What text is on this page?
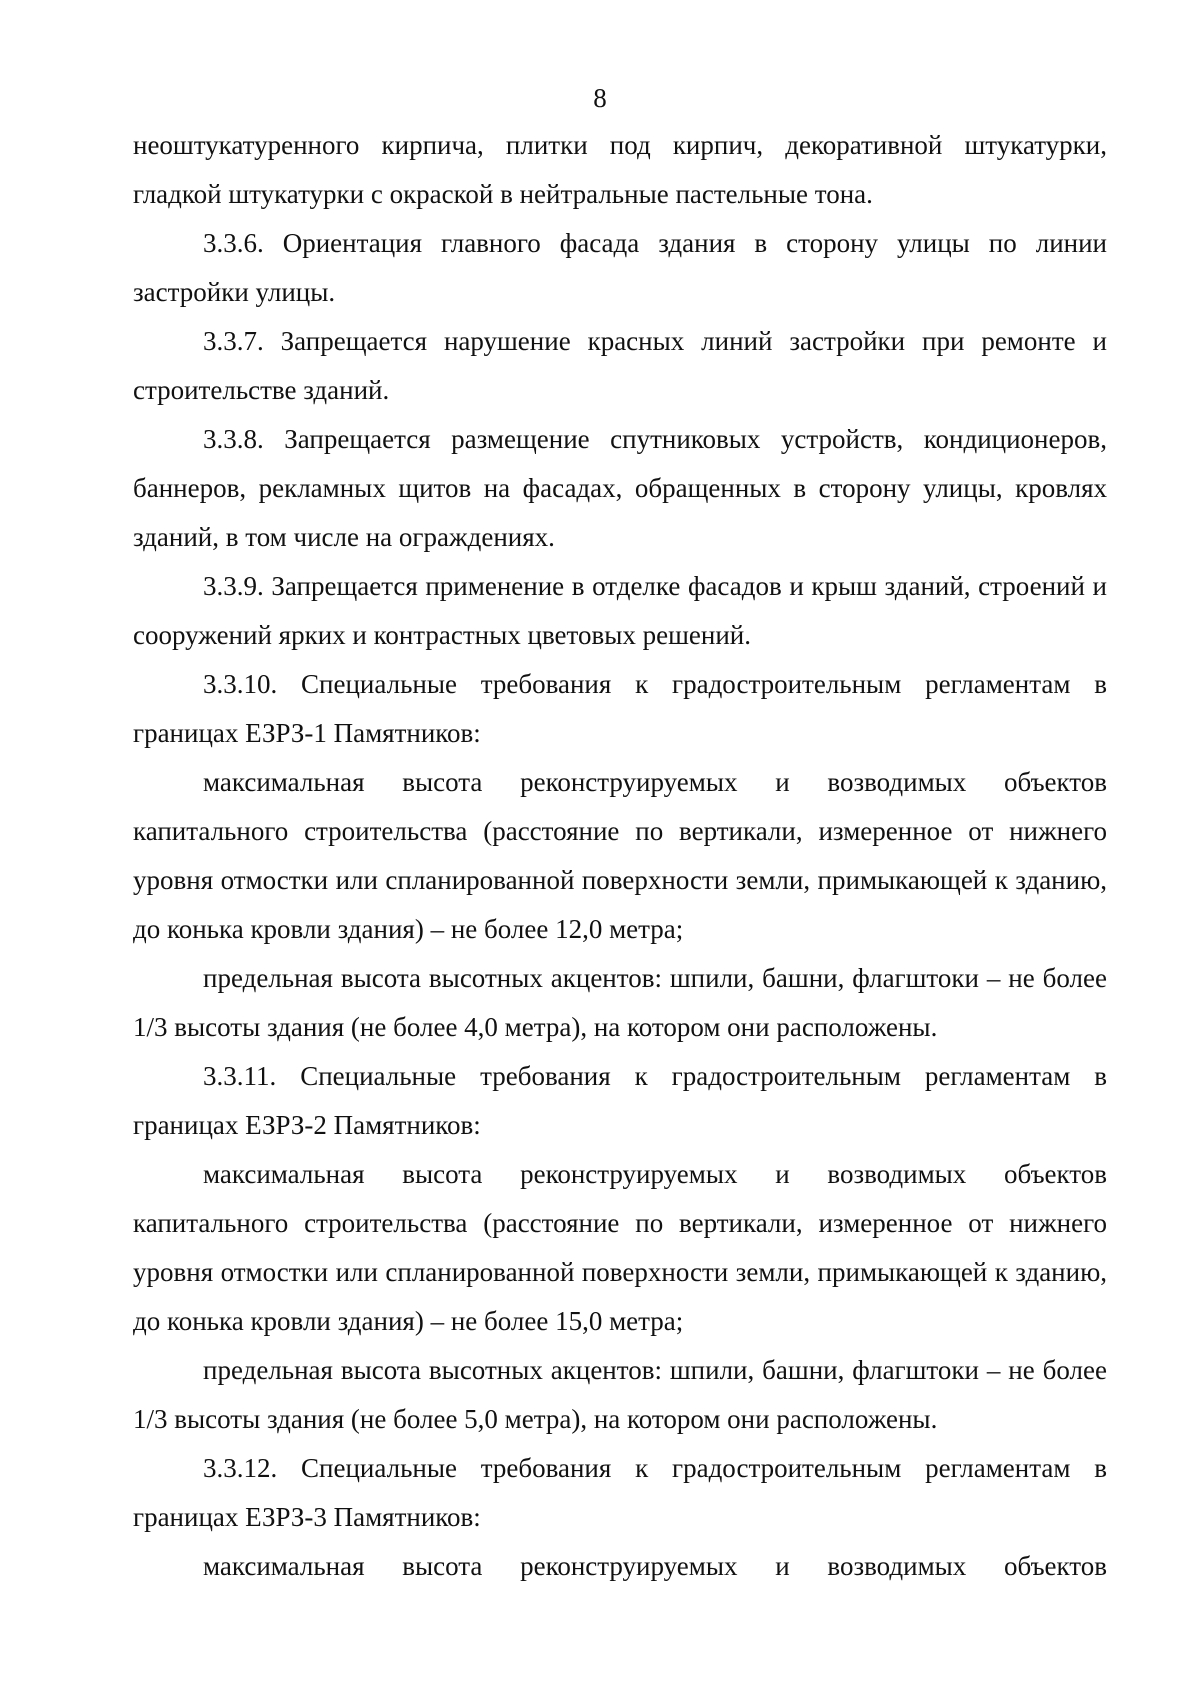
8

неоштукатуренного кирпича, плитки под кирпич, декоративной штукатурки, гладкой штукатурки с окраской в нейтральные пастельные тона.

3.3.6. Ориентация главного фасада здания в сторону улицы по линии застройки улицы.

3.3.7. Запрещается нарушение красных линий застройки при ремонте и строительстве зданий.

3.3.8. Запрещается размещение спутниковых устройств, кондиционеров, баннеров, рекламных щитов на фасадах, обращенных в сторону улицы, кровлях зданий, в том числе на ограждениях.

3.3.9. Запрещается применение в отделке фасадов и крыш зданий, строений и сооружений ярких и контрастных цветовых решений.

3.3.10. Специальные требования к градостроительным регламентам в границах ЕЗРЗ-1 Памятников:

максимальная высота реконструируемых и возводимых объектов капитального строительства (расстояние по вертикали, измеренное от нижнего уровня отмостки или спланированной поверхности земли, примыкающей к зданию, до конька кровли здания) – не более 12,0 метра;

предельная высота высотных акцентов: шпили, башни, флагштоки – не более 1/3 высоты здания (не более 4,0 метра), на котором они расположены.

3.3.11. Специальные требования к градостроительным регламентам в границах ЕЗРЗ-2 Памятников:

максимальная высота реконструируемых и возводимых объектов капитального строительства (расстояние по вертикали, измеренное от нижнего уровня отмостки или спланированной поверхности земли, примыкающей к зданию, до конька кровли здания) – не более 15,0 метра;

предельная высота высотных акцентов: шпили, башни, флагштоки – не более 1/3 высоты здания (не более 5,0 метра), на котором они расположены.

3.3.12. Специальные требования к градостроительным регламентам в границах ЕЗРЗ-3 Памятников:

максимальная высота реконструируемых и возводимых объектов
